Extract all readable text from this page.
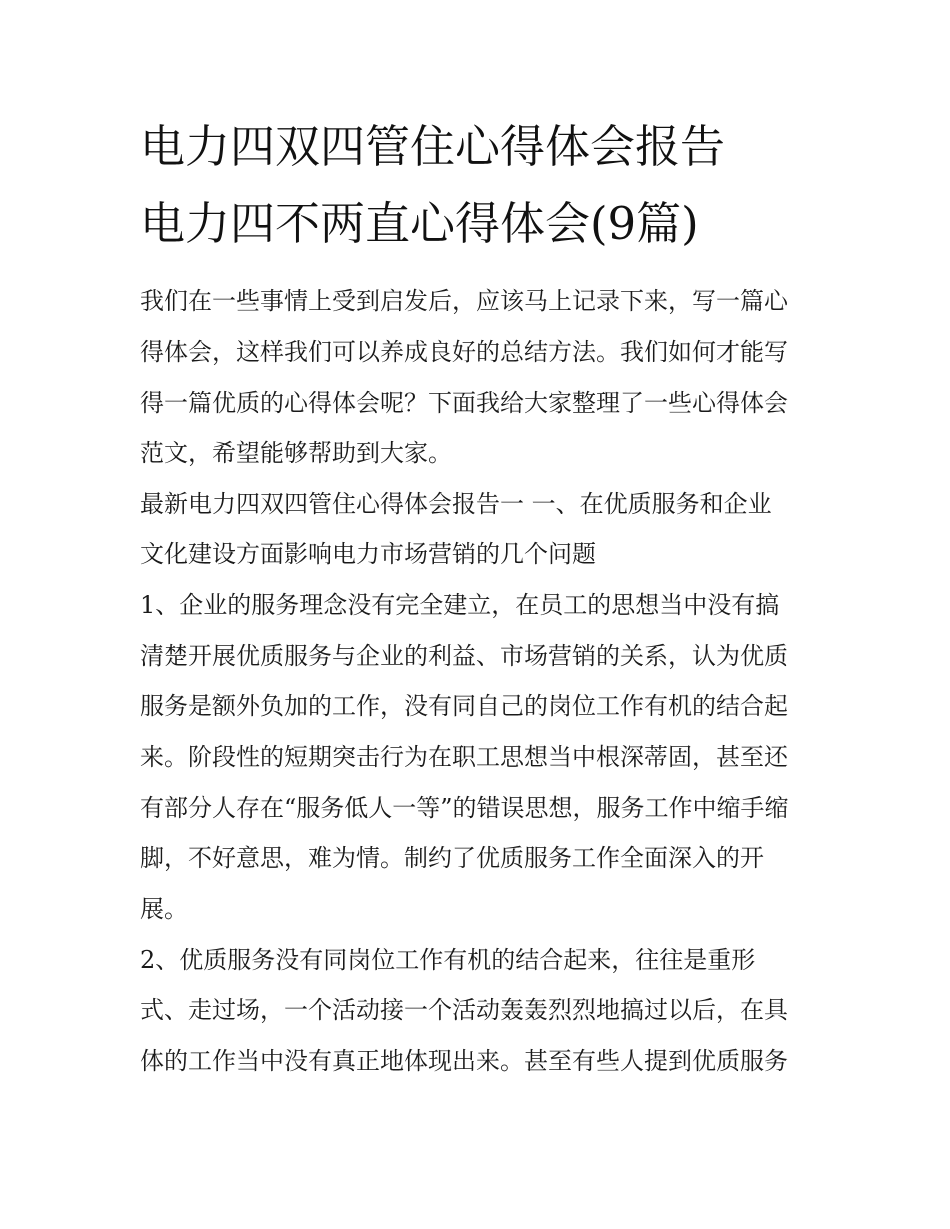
电力四双四管住心得体会报告
电力四不两直心得体会(9篇)
我们在一些事情上受到启发后，应该马上记录下来，写一篇心
得体会，这样我们可以养成良好的总结方法。我们如何才能写
得一篇优质的心得体会呢？下面我给大家整理了一些心得体会
范文，希望能够帮助到大家。
最新电力四双四管住心得体会报告一 一、在优质服务和企业
文化建设方面影响电力市场营销的几个问题
1、企业的服务理念没有完全建立，在员工的思想当中没有搞
清楚开展优质服务与企业的利益、市场营销的关系，认为优质
服务是额外负加的工作，没有同自己的岗位工作有机的结合起
来。阶段性的短期突击行为在职工思想当中根深蒂固，甚至还
有部分人存在“服务低人一等”的错误思想，服务工作中缩手缩
脚，不好意思，难为情。制约了优质服务工作全面深入的开
展。
2、优质服务没有同岗位工作有机的结合起来，往往是重形
式、走过场，一个活动接一个活动轰轰烈烈地搞过以后，在具
体的工作当中没有真正地体现出来。甚至有些人提到优质服务
